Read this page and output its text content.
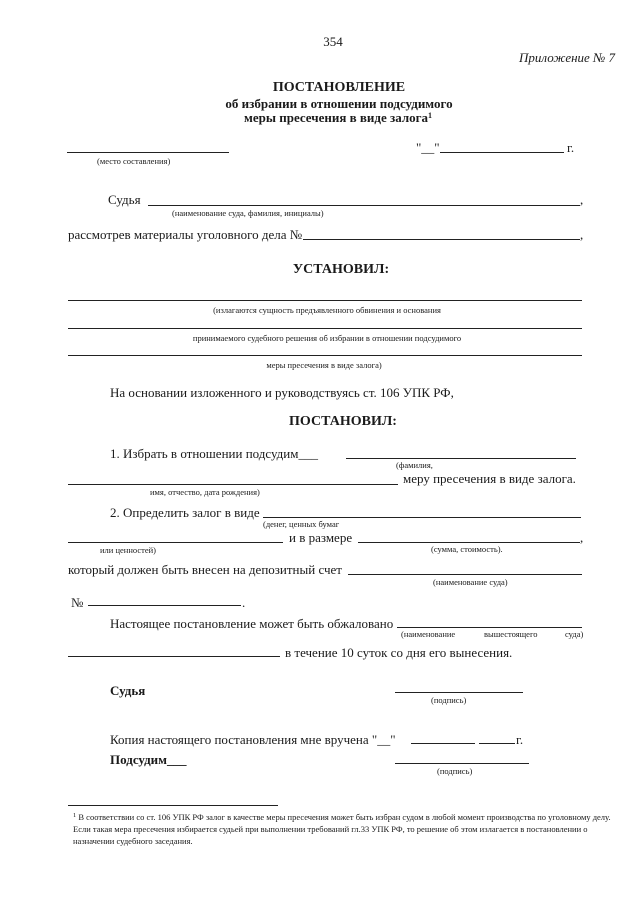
354
Приложение № 7
ПОСТАНОВЛЕНИЕ
об избрании в отношении подсудимого
меры пресечения в виде залога$^1$
(место составления)
"__"	г.
Судья	,
(наименование суда, фамилия, инициалы)
рассмотрев материалы уголовного дела №	,
УСТАНОВИЛ:
(излагаются сущность предъявленного обвинения и основания
принимаемого судебного решения об избрании в отношении подсудимого
меры пресечения в виде залога)
На основании изложенного и руководствуясь ст. 106 УПК РФ,
ПОСТАНОВИЛ:
1. Избрать в отношении подсудим___
(фамилия,
меру пресечения в виде залога.
имя, отчество, дата рождения)
2. Определить залог в виде
(денег, ценных бумаг
и в размере	,
или ценностей)	(сумма, стоимость).
который должен быть внесен на депозитный счет
(наименование суда)
№	.
Настоящее постановление может быть обжаловано
(наименование	вышестоящего	суда)
в течение 10 суток со дня его вынесения.
Судья
(подпись)
Копия настоящего постановления мне вручена "__"	г.
Подсудим___
(подпись)
$^1$ В соответствии со ст. 106 УПК РФ залог в качестве меры пресечения может быть избран судом в любой момент производства по уголовному делу. Если такая мера пресечения избирается судьей при выполнении требований гл.33 УПК РФ, то решение об этом излагается в постановлении о назначении судебного заседания.
